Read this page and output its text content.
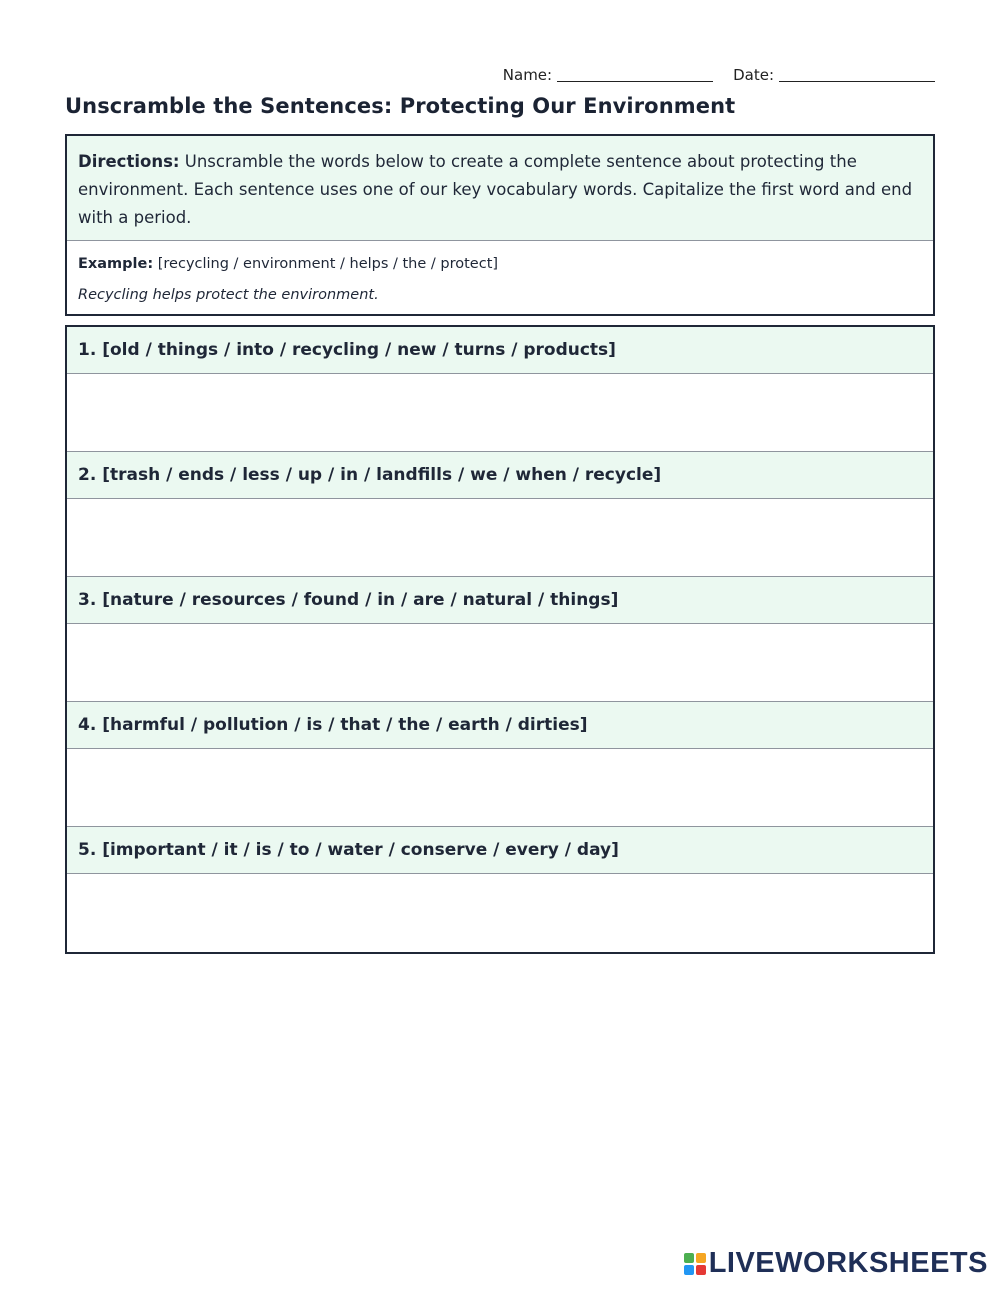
Name:	Date:
Unscramble the Sentences: Protecting Our Environment
Directions: Unscramble the words below to create a complete sentence about protecting the environment. Each sentence uses one of our key vocabulary words. Capitalize the first word and end with a period.
Example: [recycling / environment / helps / the / protect]
Recycling helps protect the environment.
1. [old / things / into / recycling / new / turns / products]
2. [trash / ends / less / up / in / landfills / we / when / recycle]
3. [nature / resources / found / in / are / natural / things]
4. [harmful / pollution / is / that / the / earth / dirties]
5. [important / it / is / to / water / conserve / every / day]
LIVEWORKSHEETS
